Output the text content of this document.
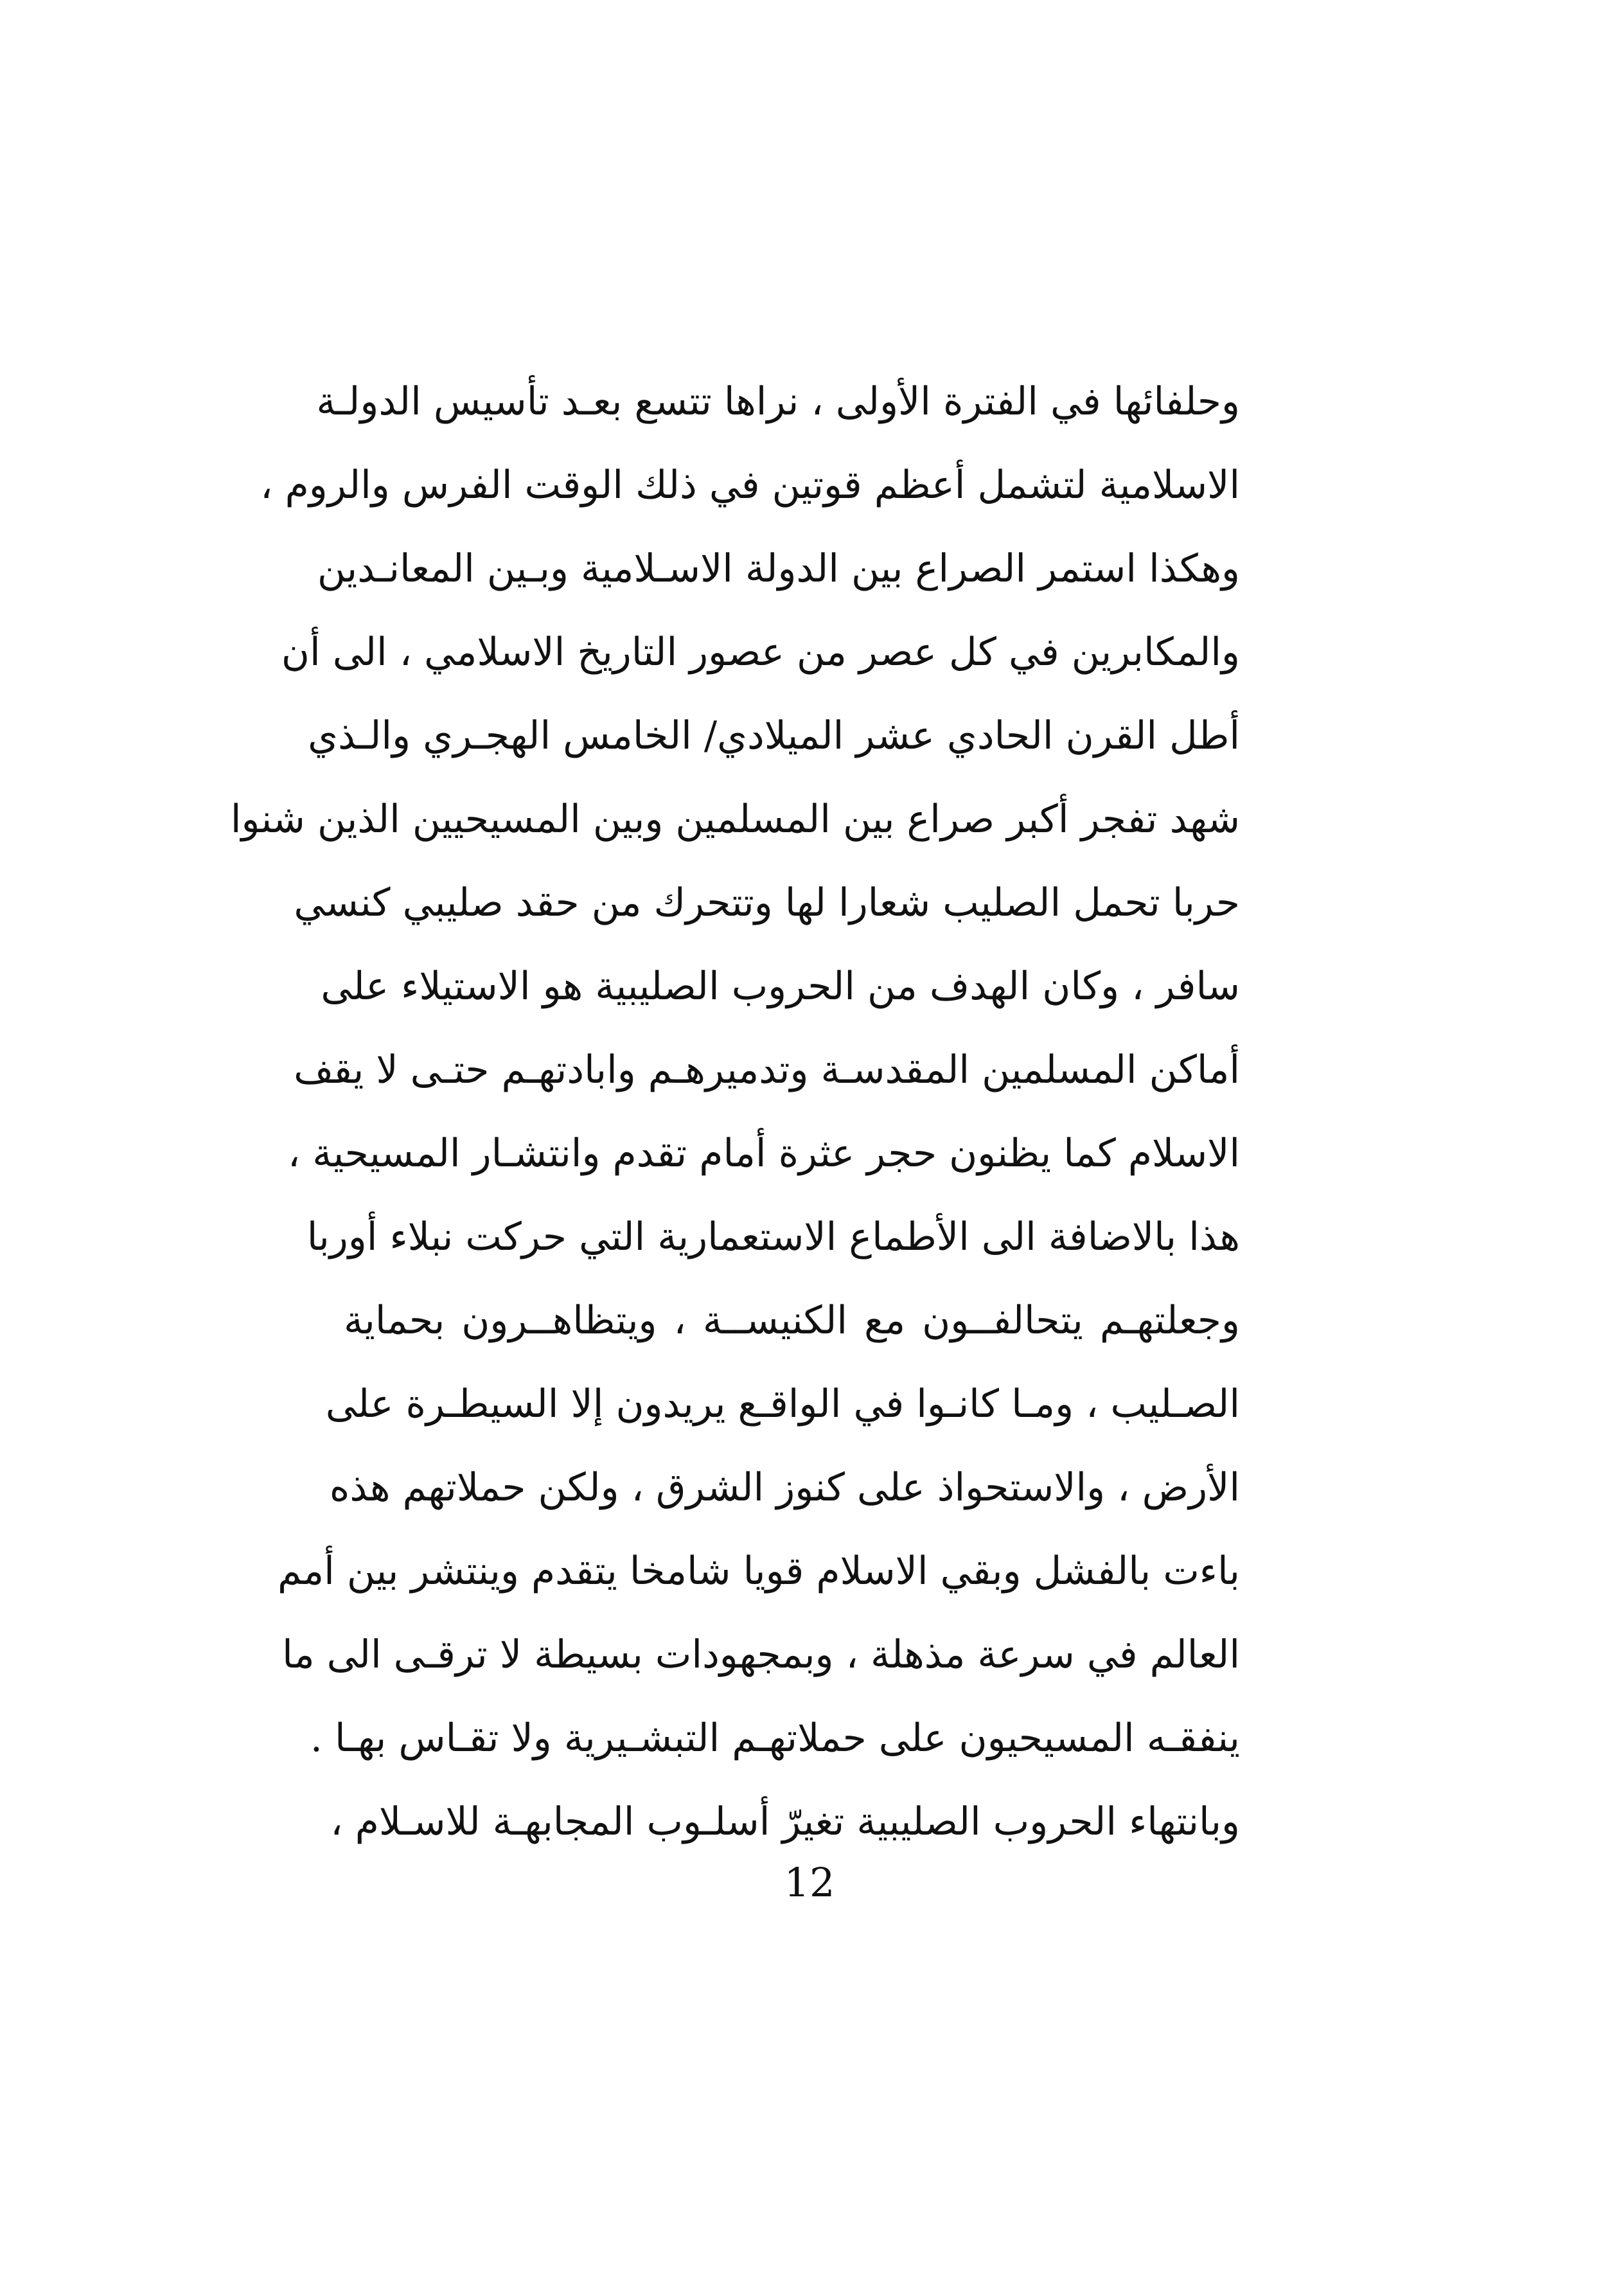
وحلفائها في الفترة الأولى ، نراها تتسع بعـد تأسيس الدولـة
الاسلامية لتشمل أعظم قوتين في ذلك الوقت الفرس والروم ،
وهكذا استمر الصراع بين الدولة الاسـلامية وبـين المعانـدين
والمكابرين في كل عصر من عصور التاريخ الاسلامي ، الى أن
أطل القرن الحادي عشر الميلادي/ الخامس الهجـري والـذي
شهد تفجر أكبر صراع بين المسلمين وبين المسيحيين الذين شنوا
حربا تحمل الصليب شعارا لها وتتحرك من حقد صليبي كنسي
سافر ، وكان الهدف من الحروب الصليبية هو الاستيلاء على
أماكن المسلمين المقدسـة وتدميرهـم وابادتهـم حتـى لا يقف
الاسلام كما يظنون حجر عثرة أمام تقدم وانتشـار المسيحية ،
هذا بالاضافة الى الأطماع الاستعمارية التي حركت نبلاء أوربا
وجعلتهـم يتحالفــون مع الكنيســة ، ويتظاهــرون بحماية
الصـليب ، ومـا كانـوا في الواقـع يريدون إلا السيطـرة على
الأرض ، والاستحواذ على كنوز الشرق ، ولكن حملاتهم هذه
باءت بالفشل وبقي الاسلام قويا شامخا يتقدم وينتشر بين أمم
العالم في سرعة مذهلة ، وبمجهودات بسيطة لا ترقـى الى ما
ينفقـه المسيحيون على حملاتهـم التبشـيرية ولا تقـاس بهـا .
وبانتهاء الحروب الصليبية تغيرّ أسلـوب المجابهـة للاسـلام ،
12
